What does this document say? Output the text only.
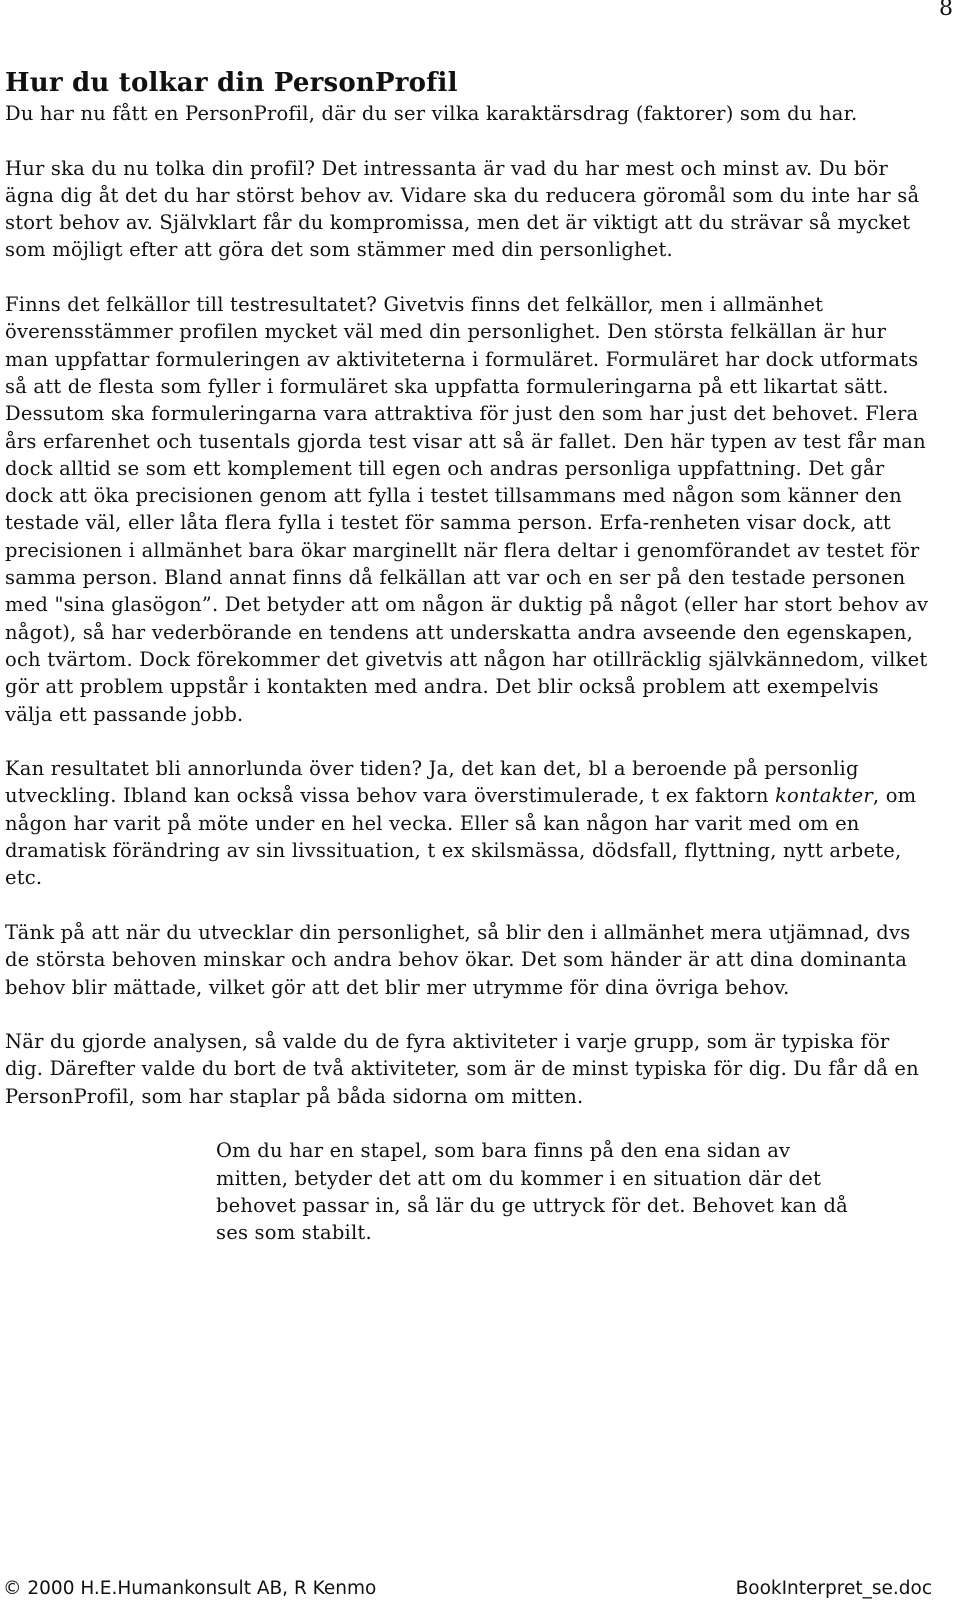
8
Hur du tolkar din PersonProfil

Du har nu fått en PersonProfil, där du ser vilka karaktärsdrag (faktorer) som du har.

Hur ska du nu tolka din profil? Det intressanta är vad du har mest och minst av. Du bör ägna dig åt det du har störst behov av. Vidare ska du reducera göromål som du inte har så stort behov av. Självklart får du kompromissa, men det är viktigt att du strävar så mycket som möjligt efter att göra det som stämmer med din personlighet.

Finns det felkällor till testresultatet? Givetvis finns det felkällor, men i allmänhet överensstämmer profilen mycket väl med din personlighet. Den största felkällan är hur man uppfattar formuleringen av aktiviteterna i formuläret. Formuläret har dock utformats så att de flesta som fyller i formuläret ska uppfatta formuleringarna på ett likartat sätt. Dessutom ska formuleringarna vara attraktiva för just den som har just det behovet. Flera års erfarenhet och tusentals gjorda test visar att så är fallet. Den här typen av test får man dock alltid se som ett komplement till egen och andras personliga uppfattning. Det går dock att öka precisionen genom att fylla i testet tillsammans med någon som känner den testade väl, eller låta flera fylla i testet för samma person. Erfa-renheten visar dock, att precisionen i allmänhet bara ökar marginellt när flera deltar i genomförandet av testet för samma person. Bland annat finns då felkällan att var och en ser på den testade personen med "sina glasögon”. Det betyder att om någon är duktig på något (eller har stort behov av något), så har vederbörande en tendens att underskatta andra avseende den egenskapen, och tvärtom. Dock förekommer det givetvis att någon har otillräcklig självkännedom, vilket gör att problem uppstår i kontakten med andra. Det blir också problem att exempelvis välja ett passande jobb.

Kan resultatet bli annorlunda över tiden? Ja, det kan det, bl a beroende på personlig utveckling. Ibland kan också vissa behov vara överstimulerade, t ex faktorn kontakter, om någon har varit på möte under en hel vecka. Eller så kan någon har varit med om en dramatisk förändring av sin livssituation, t ex skilsmässa, dödsfall, flyttning, nytt arbete, etc.

Tänk på att när du utvecklar din personlighet, så blir den i allmänhet mera utjämnad, dvs de största behoven minskar och andra behov ökar. Det som händer är att dina dominanta behov blir mättade, vilket gör att det blir mer utrymme för dina övriga behov.

När du gjorde analysen, så valde du de fyra aktiviteter i varje grupp, som är typiska för dig. Därefter valde du bort de två aktiviteter, som är de minst typiska för dig. Du får då en PersonProfil, som har staplar på båda sidorna om mitten.

Om du har en stapel, som bara finns på den ena sidan av mitten, betyder det att om du kommer i en situation där det behovet passar in, så lär du ge uttryck för det. Behovet kan då ses som stabilt.

© 2000 H.E.Humankonsult AB, R Kenmo	BookInterpret_se.doc
